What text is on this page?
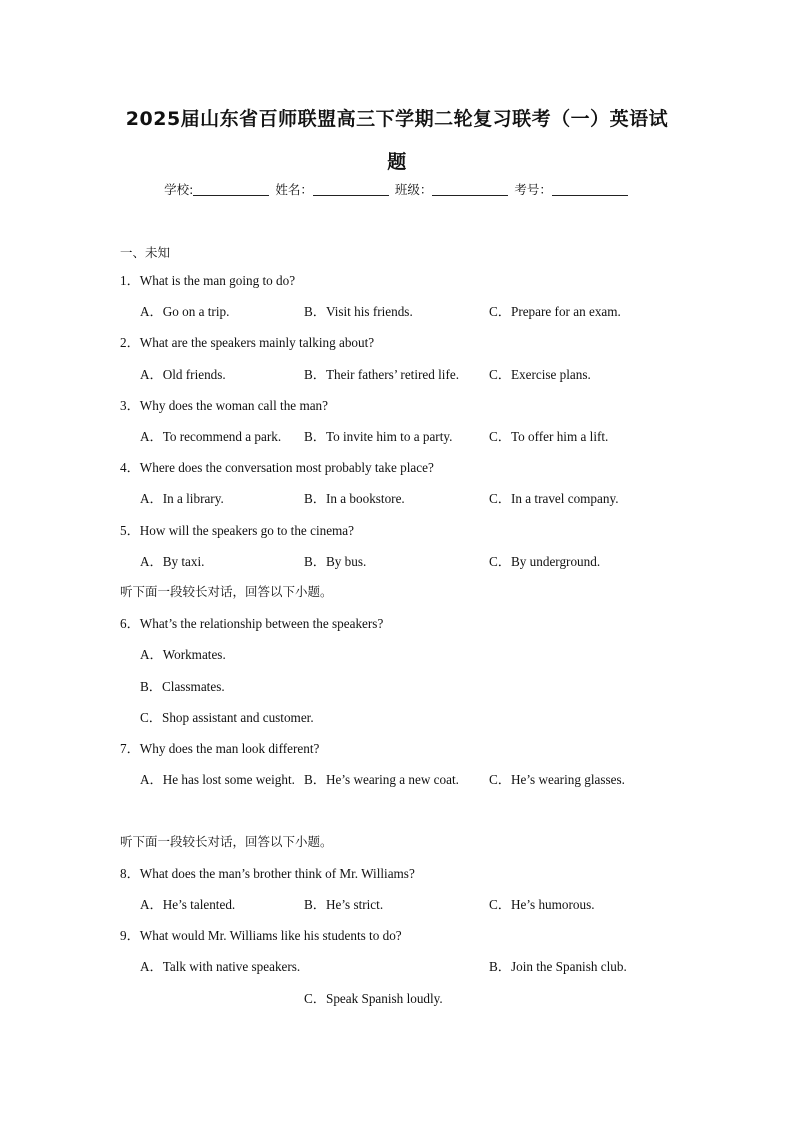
2025届山东省百师联盟高三下学期二轮复习联考（一）英语试
题
学校:	姓名：	班级：	考号：
一、未知
1．What is the man going to do?
A．Go on a trip.	B．Visit his friends.	C．Prepare for an exam.
2．What are the speakers mainly talking about?
A．Old friends.	B．Their fathers’ retired life. C．Exercise plans.
3．Why does the woman call the man?
A．To recommend a park. B．To invite him to a party.	C．To offer him a lift.
4．Where does the conversation most probably take place?
A．In a library.	B．In a bookstore.	C．In a travel company.
5．How will the speakers go to the cinema?
A．By taxi.	B．By bus.	C．By underground.
听下面一段较长对话，回答以下小题。
6．What’s the relationship between the speakers?
A．Workmates.
B．Classmates.
C．Shop assistant and customer.
7．Why does the man look different?
A．He has lost some weight. B．He’s wearing a new coat. C．He’s wearing glasses.
听下面一段较长对话，回答以下小题。
8．What does the man’s brother think of Mr. Williams?
A．He’s talented.	B．He’s strict.	C．He’s humorous.
9．What would Mr. Williams like his students to do?
A．Talk with native speakers.	B．Join the Spanish club.
C．Speak Spanish loudly.
